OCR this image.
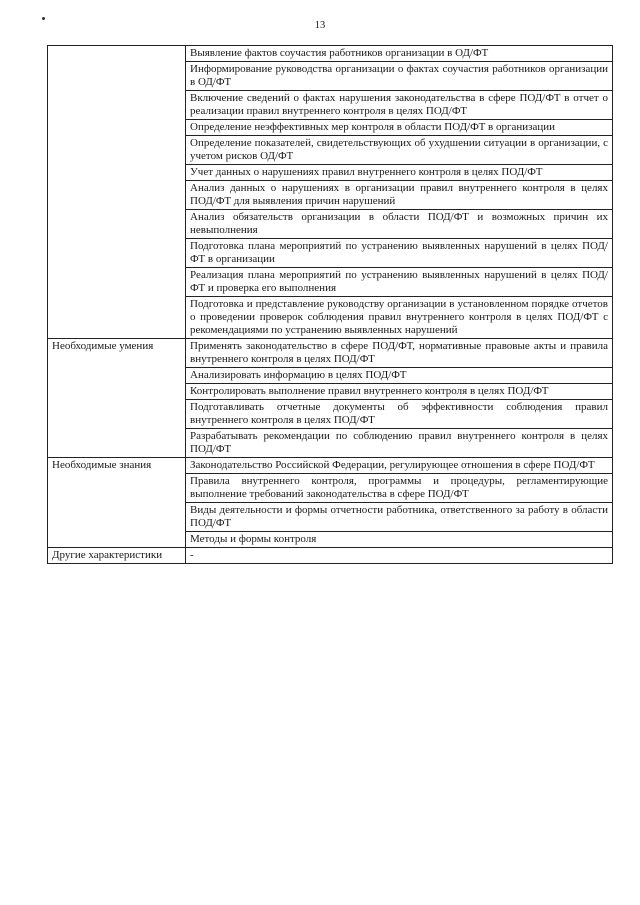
13
	Выявление фактов соучастия работников организации в ОД/ФТ
	Информирование руководства организации о фактах соучастия работников организации в ОД/ФТ
	Включение сведений о фактах нарушения законодательства в сфере ПОД/ФТ в отчет о реализации правил внутреннего контроля в целях ПОД/ФТ
	Определение неэффективных мер контроля в области ПОД/ФТ в организации
	Определение показателей, свидетельствующих об ухудшении ситуации в организации, с учетом рисков ОД/ФТ
	Учет данных о нарушениях правил внутреннего контроля в целях ПОД/ФТ
	Анализ данных о нарушениях в организации правил внутреннего контроля в целях ПОД/ФТ для выявления причин нарушений
	Анализ обязательств организации в области ПОД/ФТ и возможных причин их невыполнения
	Подготовка плана мероприятий по устранению выявленных нарушений в целях ПОД/ФТ в организации
	Реализация плана мероприятий по устранению выявленных нарушений в целях ПОД/ФТ и проверка его выполнения
	Подготовка и представление руководству организации в установленном порядке отчетов о проведении проверок соблюдения правил внутреннего контроля в целях ПОД/ФТ с рекомендациями по устранению выявленных нарушений
Необходимые умения	Применять законодательство в сфере ПОД/ФТ, нормативные правовые акты и правила внутреннего контроля в целях ПОД/ФТ
	Анализировать информацию в целях ПОД/ФТ
	Контролировать выполнение правил внутреннего контроля в целях ПОД/ФТ
	Подготавливать отчетные документы об эффективности соблюдения правил внутреннего контроля в целях ПОД/ФТ
	Разрабатывать рекомендации по соблюдению правил внутреннего контроля в целях ПОД/ФТ
Необходимые знания	Законодательство Российской Федерации, регулирующее отношения в сфере ПОД/ФТ
	Правила внутреннего контроля, программы и процедуры, регламентирующие выполнение требований законодательства в сфере ПОД/ФТ
	Виды деятельности и формы отчетности работника, ответственного за работу в области ПОД/ФТ
	Методы и формы контроля
Другие характеристики	-
